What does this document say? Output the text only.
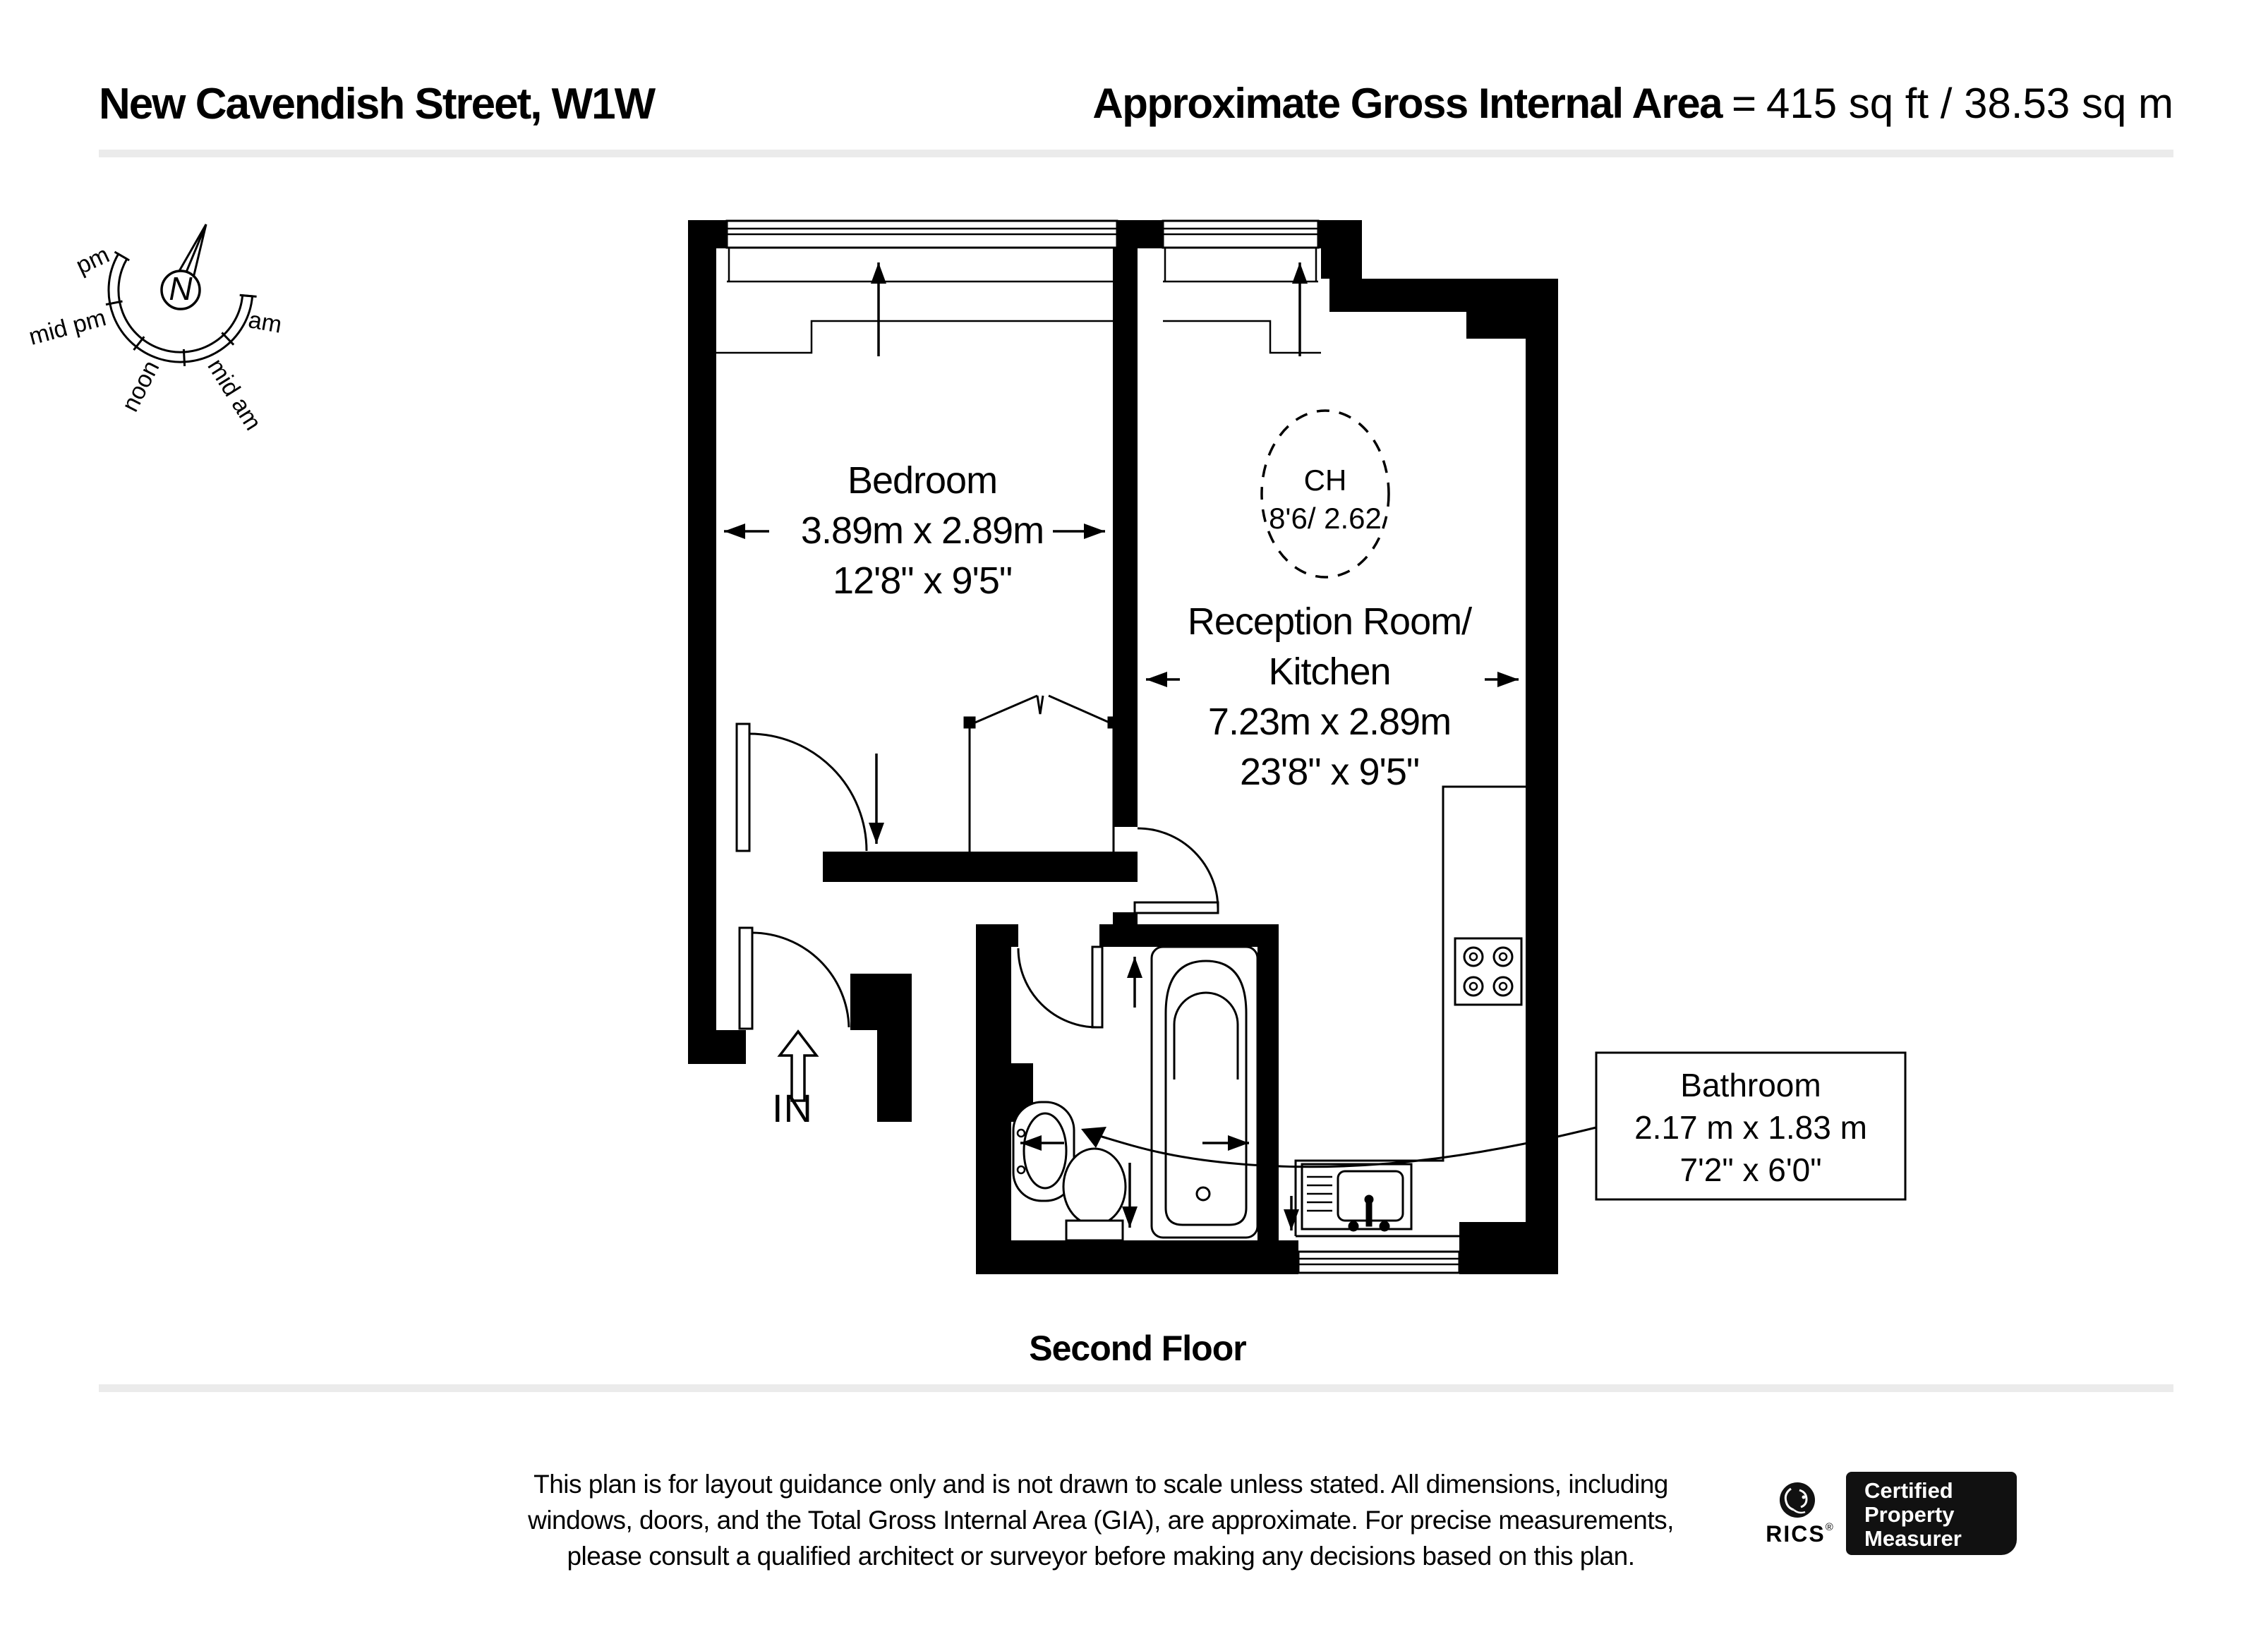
New Cavendish Street, W1W	Approximate Gross Internal Area = 415 sq ft / 38.53 sq m
pm
mid pm
noon mid am
am
N
Bedroom
3.89m x 2.89m
12'8" x 9'5"
CH
8'6/ 2.62
Reception Room/
Kitchen
7.23m x 2.89m
23'8" x 9'5"
Bathroom
2.17 m x 1.83 m
7'2" x 6'0"
IN
Second Floor
This plan is for layout guidance only and is not drawn to scale unless stated. All dimensions, including
windows, doors, and the Total Gross Internal Area (GIA), are approximate. For precise measurements,
please consult a qualified architect or surveyor before making any decisions based on this plan.
RICS®
Certified
Property
Measurer
